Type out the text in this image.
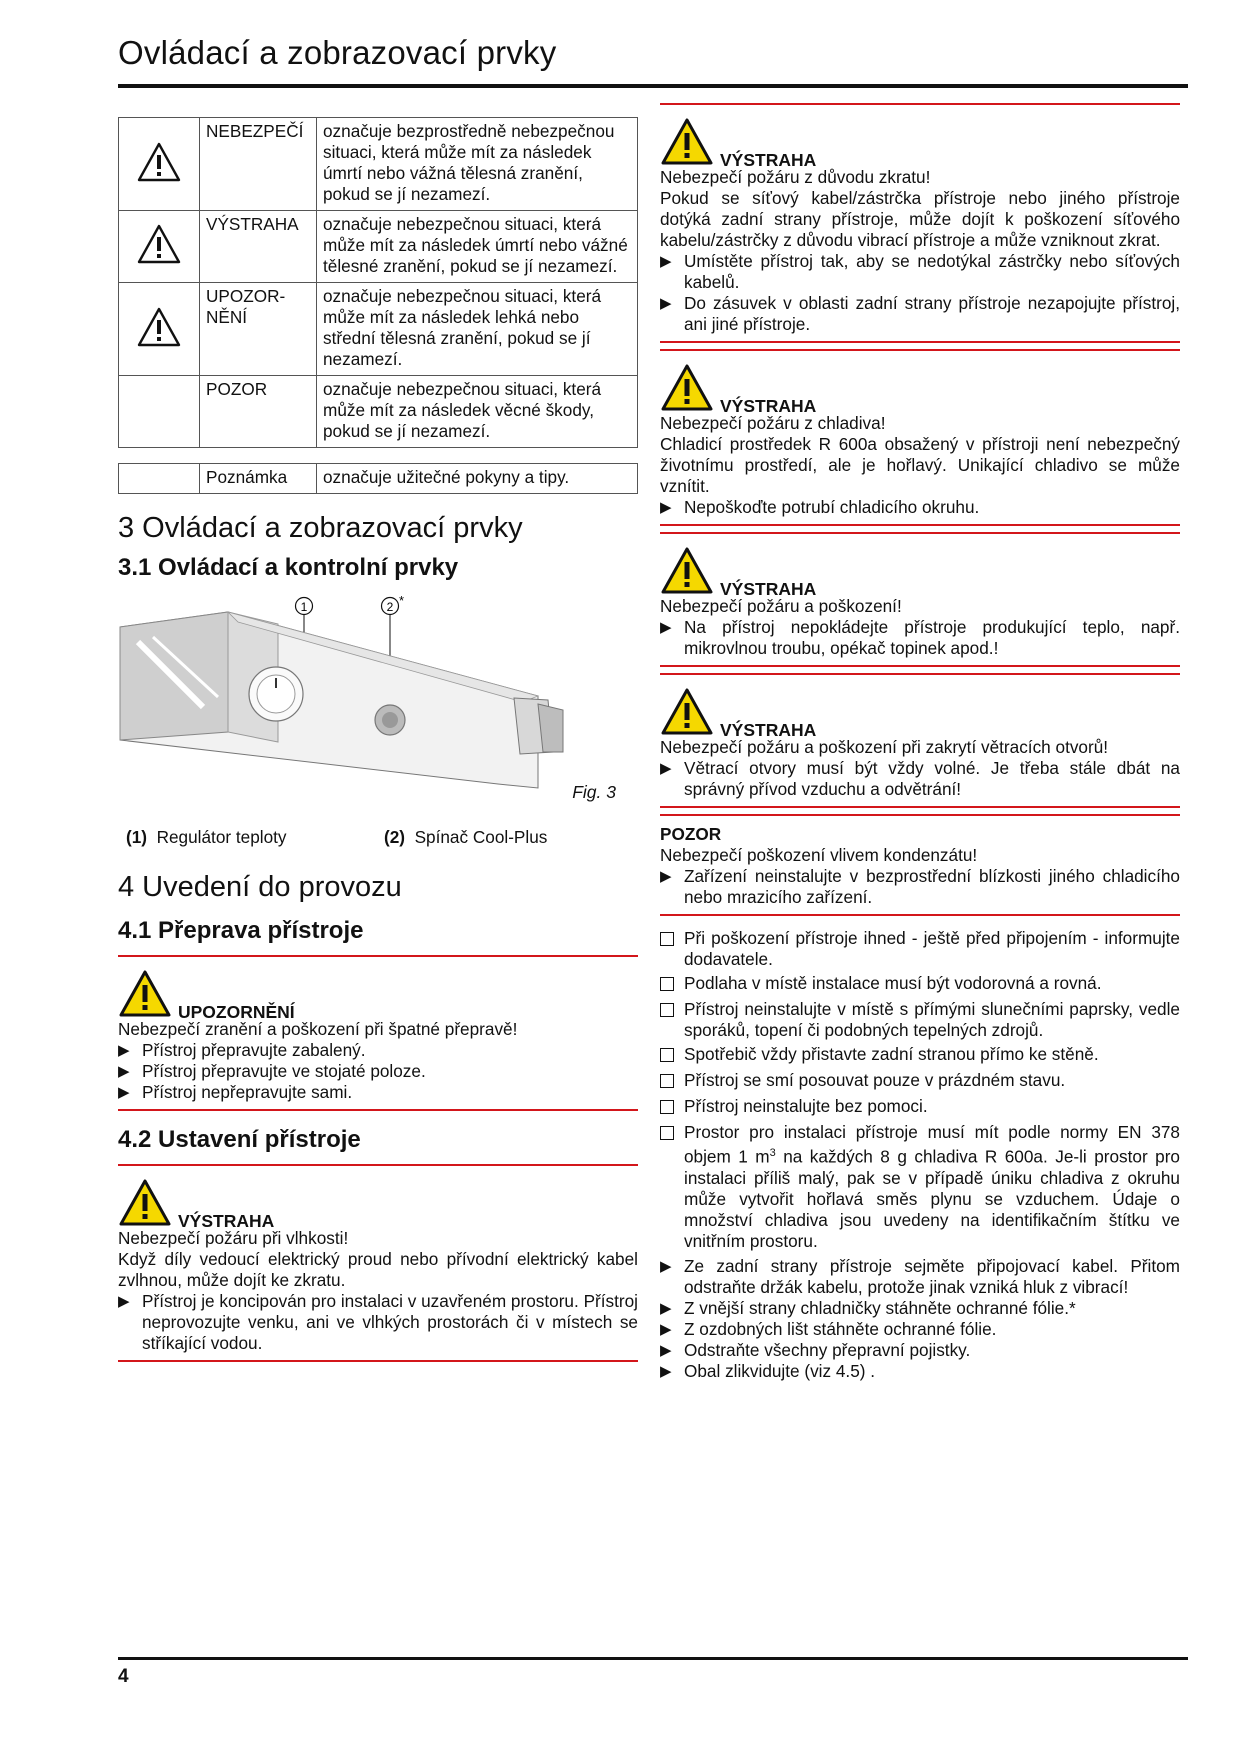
Ovládací a zobrazovací prvky
	NEBEZPEČÍ	označuje bezprostředně nebezpečnou situaci, která může mít za následek úmrtí nebo vážná tělesná zranění, pokud se jí nezamezí.
	VÝSTRAHA	označuje nebezpečnou situaci, která může mít za následek úmrtí nebo vážné tělesné zranění, pokud se jí nezamezí.
	UPOZOR-NĚNÍ	označuje nebezpečnou situaci, která může mít za následek lehká nebo střední tělesná zranění, pokud se jí nezamezí.
	POZOR	označuje nebezpečnou situaci, která může mít za následek věcné škody, pokud se jí nezamezí.
	Poznámka	označuje užitečné pokyny a tipy.
3 Ovládací a zobrazovací prvky
3.1 Ovládací a kontrolní prvky
1	2 *
Fig. 3
(1) Regulátor teploty	(2) Spínač Cool-Plus
4 Uvedení do provozu
4.1 Přeprava přístroje
UPOZORNĚNÍ

Nebezpečí zranění a poškození při špatné přepravě!

▶ Přístroj přepravujte zabalený.
▶ Přístroj přepravujte ve stojaté poloze.
▶ Přístroj nepřepravujte sami.
4.2 Ustavení přístroje
VÝSTRAHA

Nebezpečí požáru při vlhkosti!

Když díly vedoucí elektrický proud nebo přívodní elektrický kabel zvlhnou, může dojít ke zkratu.

▶ Přístroj je koncipován pro instalaci v uzavřeném prostoru. Přístroj neprovozujte venku, ani ve vlhkých prostorách či v místech se stříkající vodou.
VÝSTRAHA

Nebezpečí požáru z důvodu zkratu!

Pokud se síťový kabel/zástrčka přístroje nebo jiného přístroje dotýká zadní strany přístroje, může dojít k poškození síťového kabelu/zástrčky z důvodu vibrací přístroje a může vzniknout zkrat.

▶ Umístěte přístroj tak, aby se nedotýkal zástrčky nebo síťových kabelů.
▶ Do zásuvek v oblasti zadní strany přístroje nezapojujte přístroj, ani jiné přístroje.
VÝSTRAHA

Nebezpečí požáru z chladiva!

Chladicí prostředek R 600a obsažený v přístroji není nebezpečný životnímu prostředí, ale je hořlavý. Unikající chladivo se může vznítit.

▶ Nepoškoďte potrubí chladicího okruhu.
VÝSTRAHA

Nebezpečí požáru a poškození!

▶ Na přístroj nepokládejte přístroje produkující teplo, např. mikrovlnou troubu, opékač topinek apod.!
VÝSTRAHA

Nebezpečí požáru a poškození při zakrytí větracích otvorů!

▶ Větrací otvory musí být vždy volné. Je třeba stále dbát na správný přívod vzduchu a odvětrání!
POZOR

Nebezpečí poškození vlivem kondenzátu!

▶ Zařízení neinstalujte v bezprostřední blízkosti jiného chladicího nebo mrazicího zařízení.
Při poškození přístroje ihned - ještě před připojením - informujte dodavatele.
Podlaha v místě instalace musí být vodorovná a rovná.
Přístroj neinstalujte v místě s přímými slunečními paprsky, vedle sporáků, topení či podobných tepelných zdrojů.
Spotřebič vždy přistavte zadní stranou přímo ke stěně.
Přístroj se smí posouvat pouze v prázdném stavu.
Přístroj neinstalujte bez pomoci.
Prostor pro instalaci přístroje musí mít podle normy EN 378 objem 1 $m^3$ na každých 8 g chladiva R 600a. Je-li prostor pro instalaci příliš malý, pak se v případě úniku chladiva z okruhu může vytvořit hořlavá směs plynu se vzduchem. Údaje o množství chladiva jsou uvedeny na identifikačním štítku ve vnitřním prostoru.
▶ Ze zadní strany přístroje sejměte připojovací kabel. Přitom odstraňte držák kabelu, protože jinak vzniká hluk z vibrací!
▶ Z vnější strany chladničky stáhněte ochranné fólie.*
▶ Z ozdobných lišt stáhněte ochranné fólie.
▶ Odstraňte všechny přepravní pojistky.
▶ Obal zlikvidujte (viz 4.5) .
4
